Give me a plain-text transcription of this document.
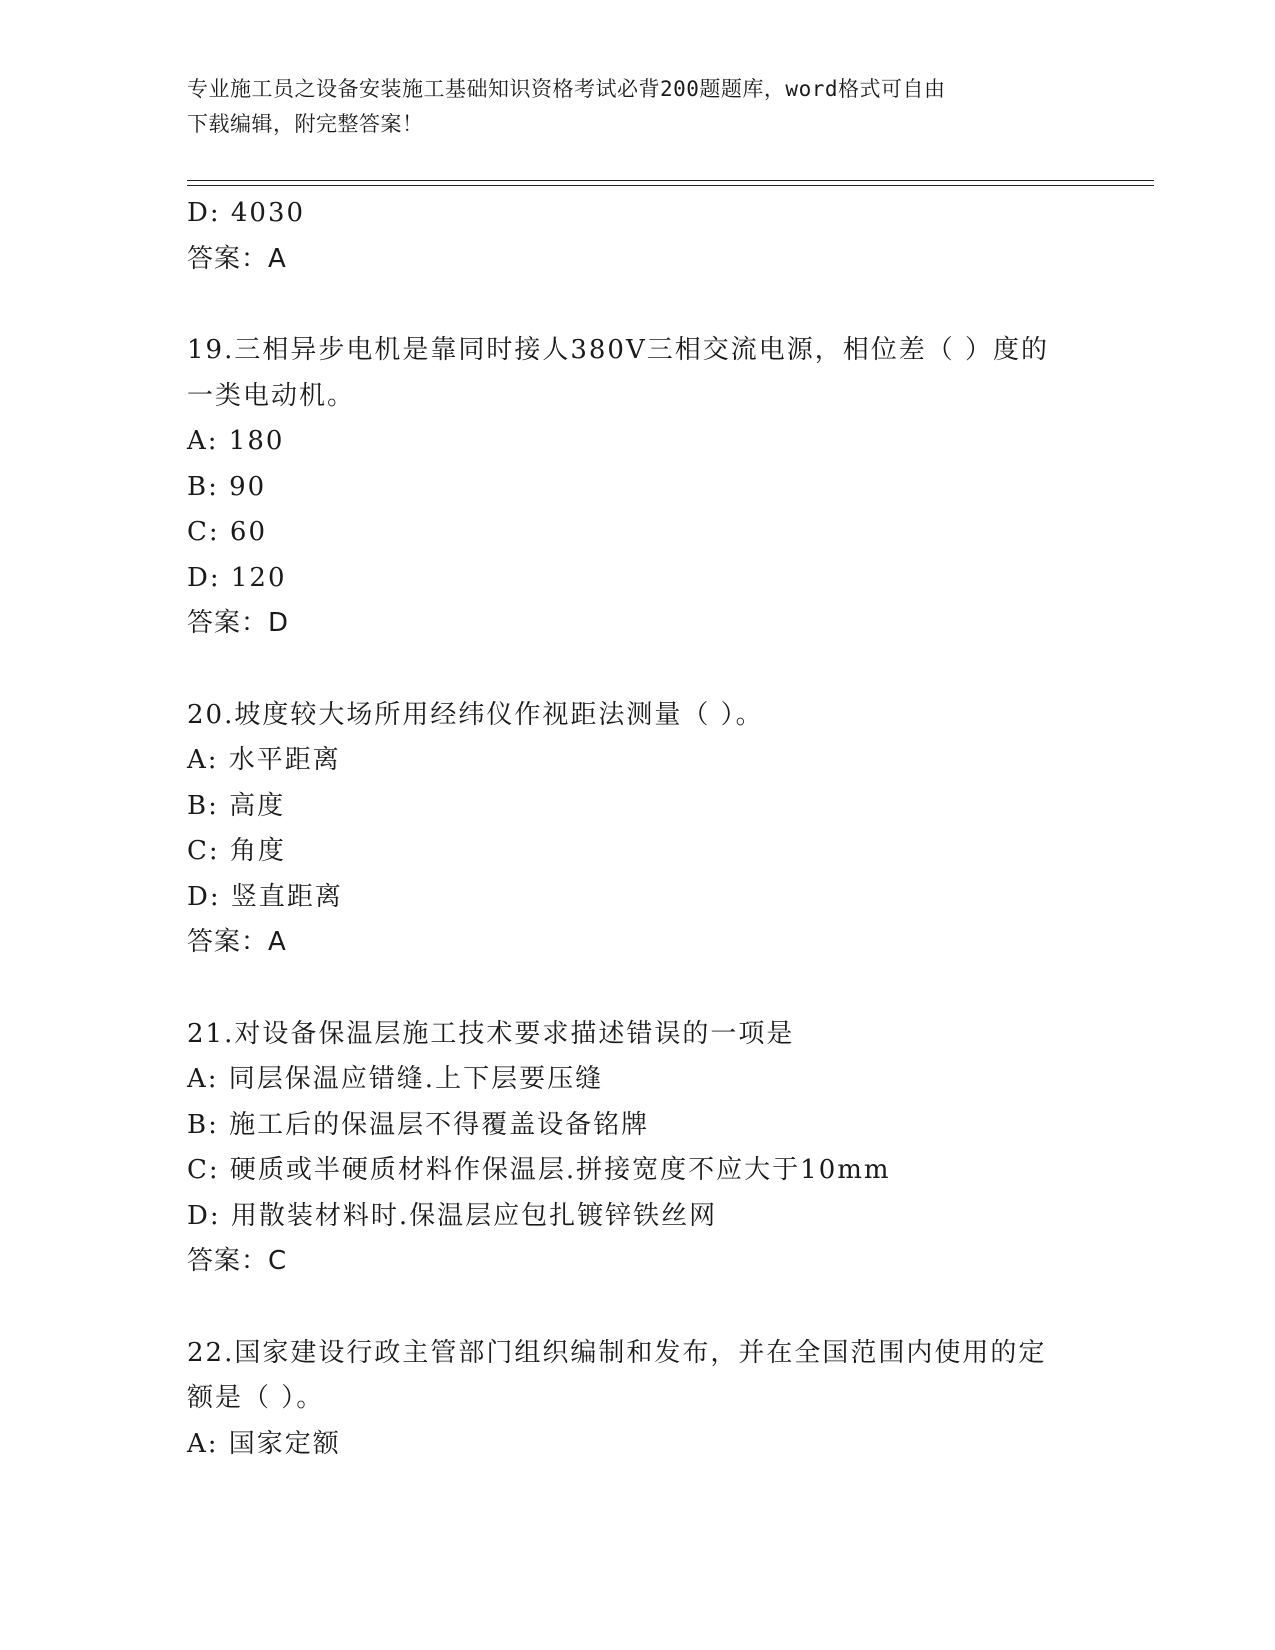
专业施工员之设备安装施工基础知识资格考试必背200题题库，word格式可自由
下载编辑，附完整答案！
D: 4030
答案：A
19.三相异步电机是靠同时接人380V三相交流电源，相位差（ ）度的
一类电动机。
A: 180
B: 90
C: 60
D: 120
答案：D
20.坡度较大场所用经纬仪作视距法测量（ ）。
A: 水平距离
B: 高度
C: 角度
D: 竖直距离
答案：A
21.对设备保温层施工技术要求描述错误的一项是
A: 同层保温应错缝.上下层要压缝
B: 施工后的保温层不得覆盖设备铭牌
C: 硬质或半硬质材料作保温层.拼接宽度不应大于10mm
D: 用散装材料时.保温层应包扎镀锌铁丝网
答案：C
22.国家建设行政主管部门组织编制和发布，并在全国范围内使用的定
额是（ ）。
A: 国家定额
